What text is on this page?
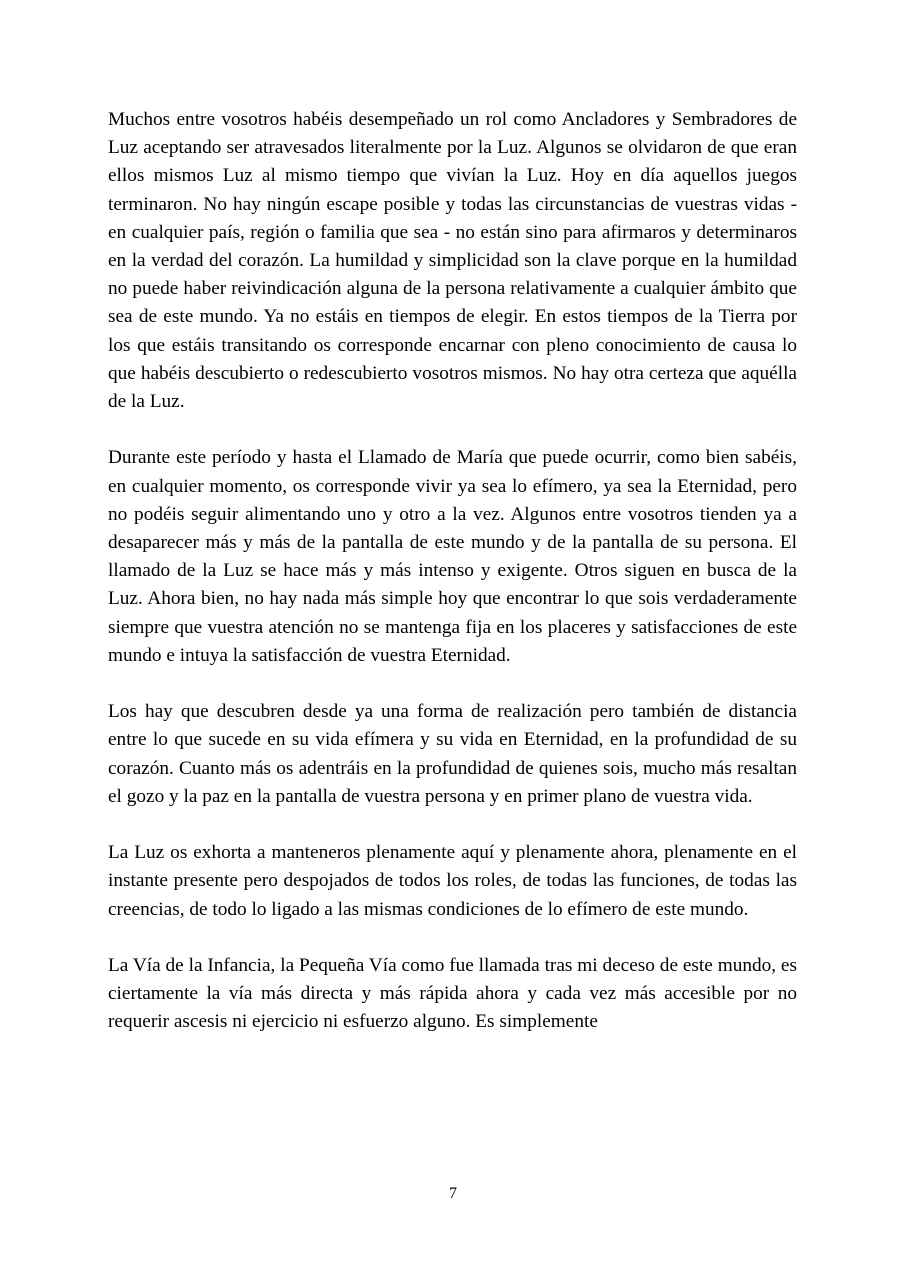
Muchos entre vosotros habéis desempeñado un rol como Ancladores y Sembradores de Luz aceptando ser atravesados literalmente por la Luz. Algunos se olvidaron de que eran ellos mismos Luz al mismo tiempo que vivían la Luz. Hoy en día aquellos juegos terminaron. No hay ningún escape posible y todas las circunstancias de vuestras vidas - en cualquier país, región o familia que sea - no están sino para afirmaros y determinaros en la verdad del corazón. La humildad y simplicidad son la clave porque en la humildad no puede haber reivindicación alguna de la persona relativamente a cualquier ámbito que sea de este mundo. Ya no estáis en tiempos de elegir. En estos tiempos de la Tierra por los que estáis transitando os corresponde encarnar con pleno conocimiento de causa lo que habéis descubierto o redescubierto vosotros mismos. No hay otra certeza que aquélla de la Luz.

Durante este período y hasta el Llamado de María que puede ocurrir, como bien sabéis, en cualquier momento, os corresponde vivir ya sea lo efímero, ya sea la Eternidad, pero no podéis seguir alimentando uno y otro a la vez. Algunos entre vosotros tienden ya a desaparecer más y más de la pantalla de este mundo y de la pantalla de su persona. El llamado de la Luz se hace más y más intenso y exigente. Otros siguen en busca de la Luz. Ahora bien, no hay nada más simple hoy que encontrar lo que sois verdaderamente siempre que vuestra atención no se mantenga fija en los placeres y satisfacciones de este mundo e intuya la satisfacción de vuestra Eternidad.

Los hay que descubren desde ya una forma de realización pero también de distancia entre lo que sucede en su vida efímera y su vida en Eternidad, en la profundidad de su corazón. Cuanto más os adentráis en la profundidad de quienes sois, mucho más resaltan el gozo y la paz en la pantalla de vuestra persona y en primer plano de vuestra vida.

La Luz os exhorta a manteneros plenamente aquí y plenamente ahora, plenamente en el instante presente pero despojados de todos los roles, de todas las funciones, de todas las creencias, de todo lo ligado a las mismas condiciones de lo efímero de este mundo.

La Vía de la Infancia, la Pequeña Vía como fue llamada tras mi deceso de este mundo, es ciertamente la vía más directa y más rápida ahora y cada vez más accesible por no requerir ascesis ni ejercicio ni esfuerzo alguno. Es simplemente

7
